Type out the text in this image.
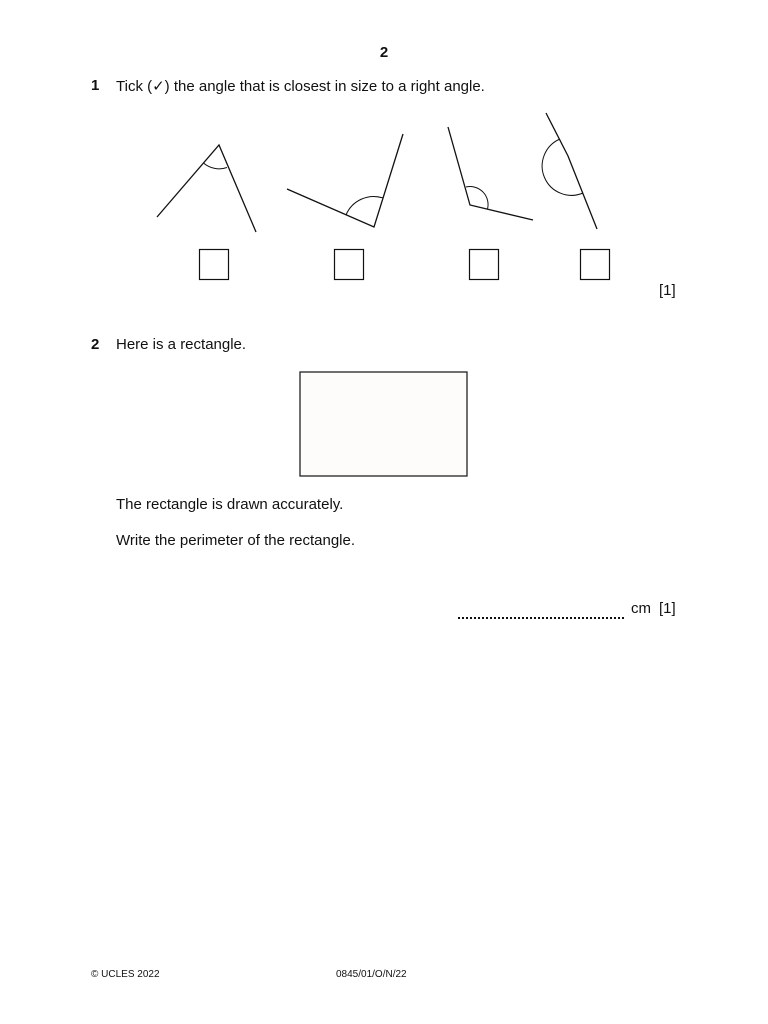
2
1 Tick (✓) the angle that is closest in size to a right angle.
[1]
2 Here is a rectangle.
The rectangle is drawn accurately.
Write the perimeter of the rectangle.
cm [1]
© UCLES 2022	0845/01/O/N/22
